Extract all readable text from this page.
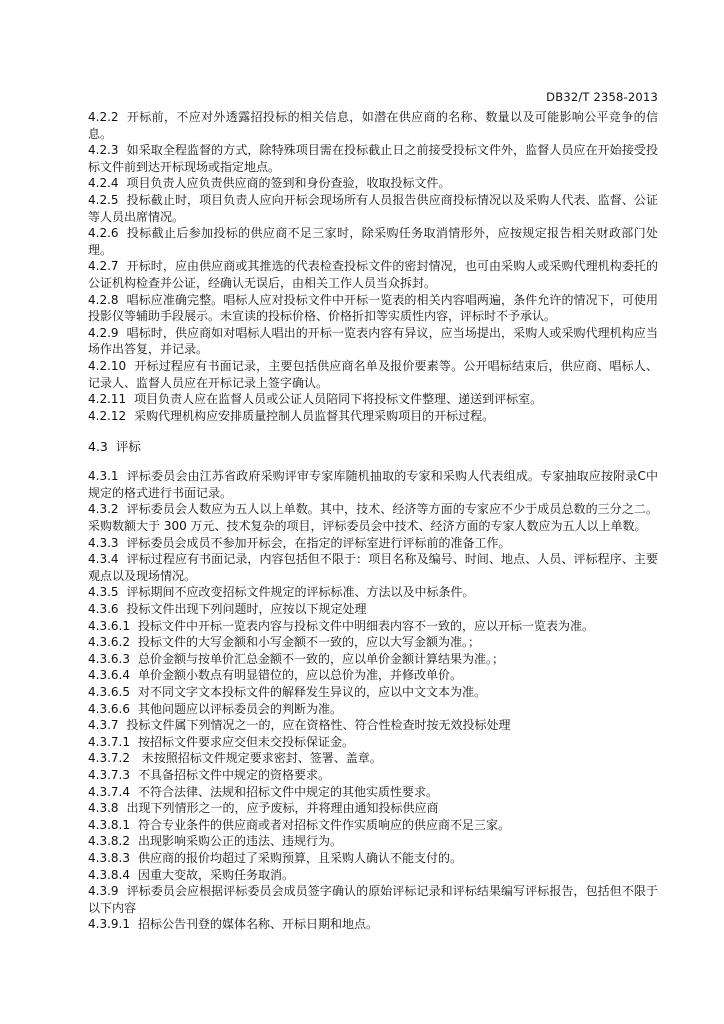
DB32/T 2358-2013

4.2.2 开标前，不应对外透露招投标的相关信息，如潜在供应商的名称、数量以及可能影响公平竞争的信息。

4.2.3 如采取全程监督的方式，除特殊项目需在投标截止日之前接受投标文件外，监督人员应在开始接受投标文件前到达开标现场或指定地点。

4.2.4 项目负责人应负责供应商的签到和身份查验，收取投标文件。

4.2.5 投标截止时，项目负责人应向开标会现场所有人员报告供应商投标情况以及采购人代表、监督、公证等人员出席情况。

4.2.6 投标截止后参加投标的供应商不足三家时，除采购任务取消情形外，应按规定报告相关财政部门处理。

4.2.7 开标时，应由供应商或其推选的代表检查投标文件的密封情况，也可由采购人或采购代理机构委托的公证机构检查并公证，经确认无误后，由相关工作人员当众拆封。

4.2.8 唱标应准确完整。唱标人应对投标文件中开标一览表的相关内容唱两遍，条件允许的情况下，可使用投影仪等辅助手段展示。未宣读的投标价格、价格折扣等实质性内容，评标时不予承认。

4.2.9 唱标时，供应商如对唱标人唱出的开标一览表内容有异议，应当场提出，采购人或采购代理机构应当场作出答复，并记录。

4.2.10 开标过程应有书面记录，主要包括供应商名单及报价要素等。公开唱标结束后，供应商、唱标人、记录人、监督人员应在开标记录上签字确认。

4.2.11 项目负责人应在监督人员或公证人员陪同下将投标文件整理、递送到评标室。

4.2.12 采购代理机构应安排质量控制人员监督其代理采购项目的开标过程。

4.3 评标

4.3.1 评标委员会由江苏省政府采购评审专家库随机抽取的专家和采购人代表组成。专家抽取应按附录C中规定的格式进行书面记录。

4.3.2 评标委员会人数应为五人以上单数。其中，技术、经济等方面的专家应不少于成员总数的三分之二。采购数额大于 300 万元、技术复杂的项目，评标委员会中技术、经济方面的专家人数应为五人以上单数。

4.3.3 评标委员会成员不参加开标会，在指定的评标室进行评标前的准备工作。

4.3.4 评标过程应有书面记录，内容包括但不限于：项目名称及编号、时间、地点、人员、评标程序、主要观点以及现场情况。

4.3.5 评标期间不应改变招标文件规定的评标标准、方法以及中标条件。

4.3.6 投标文件出现下列问题时，应按以下规定处理

4.3.6.1 投标文件中开标一览表内容与投标文件中明细表内容不一致的，应以开标一览表为准。

4.3.6.2 投标文件的大写金额和小写金额不一致的，应以大写金额为准。；

4.3.6.3 总价金额与按单价汇总金额不一致的，应以单价金额计算结果为准。；

4.3.6.4 单价金额小数点有明显错位的，应以总价为准，并修改单价。

4.3.6.5 对不同文字文本投标文件的解释发生异议的，应以中文文本为准。

4.3.6.6 其他问题应以评标委员会的判断为准。

4.3.7 投标文件属下列情况之一的，应在资格性、符合性检查时按无效投标处理

4.3.7.1 按招标文件要求应交但未交投标保证金。

4.3.7.2 未按照招标文件规定要求密封、签署、盖章。

4.3.7.3 不具备招标文件中规定的资格要求。

4.3.7.4 不符合法律、法规和招标文件中规定的其他实质性要求。

4.3.8 出现下列情形之一的，应予废标，并将理由通知投标供应商

4.3.8.1 符合专业条件的供应商或者对招标文件作实质响应的供应商不足三家。

4.3.8.2 出现影响采购公正的违法、违规行为。

4.3.8.3 供应商的报价均超过了采购预算，且采购人确认不能支付的。

4.3.8.4 因重大变故，采购任务取消。

4.3.9 评标委员会应根据评标委员会成员签字确认的原始评标记录和评标结果编写评标报告，包括但不限于以下内容

4.3.9.1 招标公告刊登的媒体名称、开标日期和地点。
